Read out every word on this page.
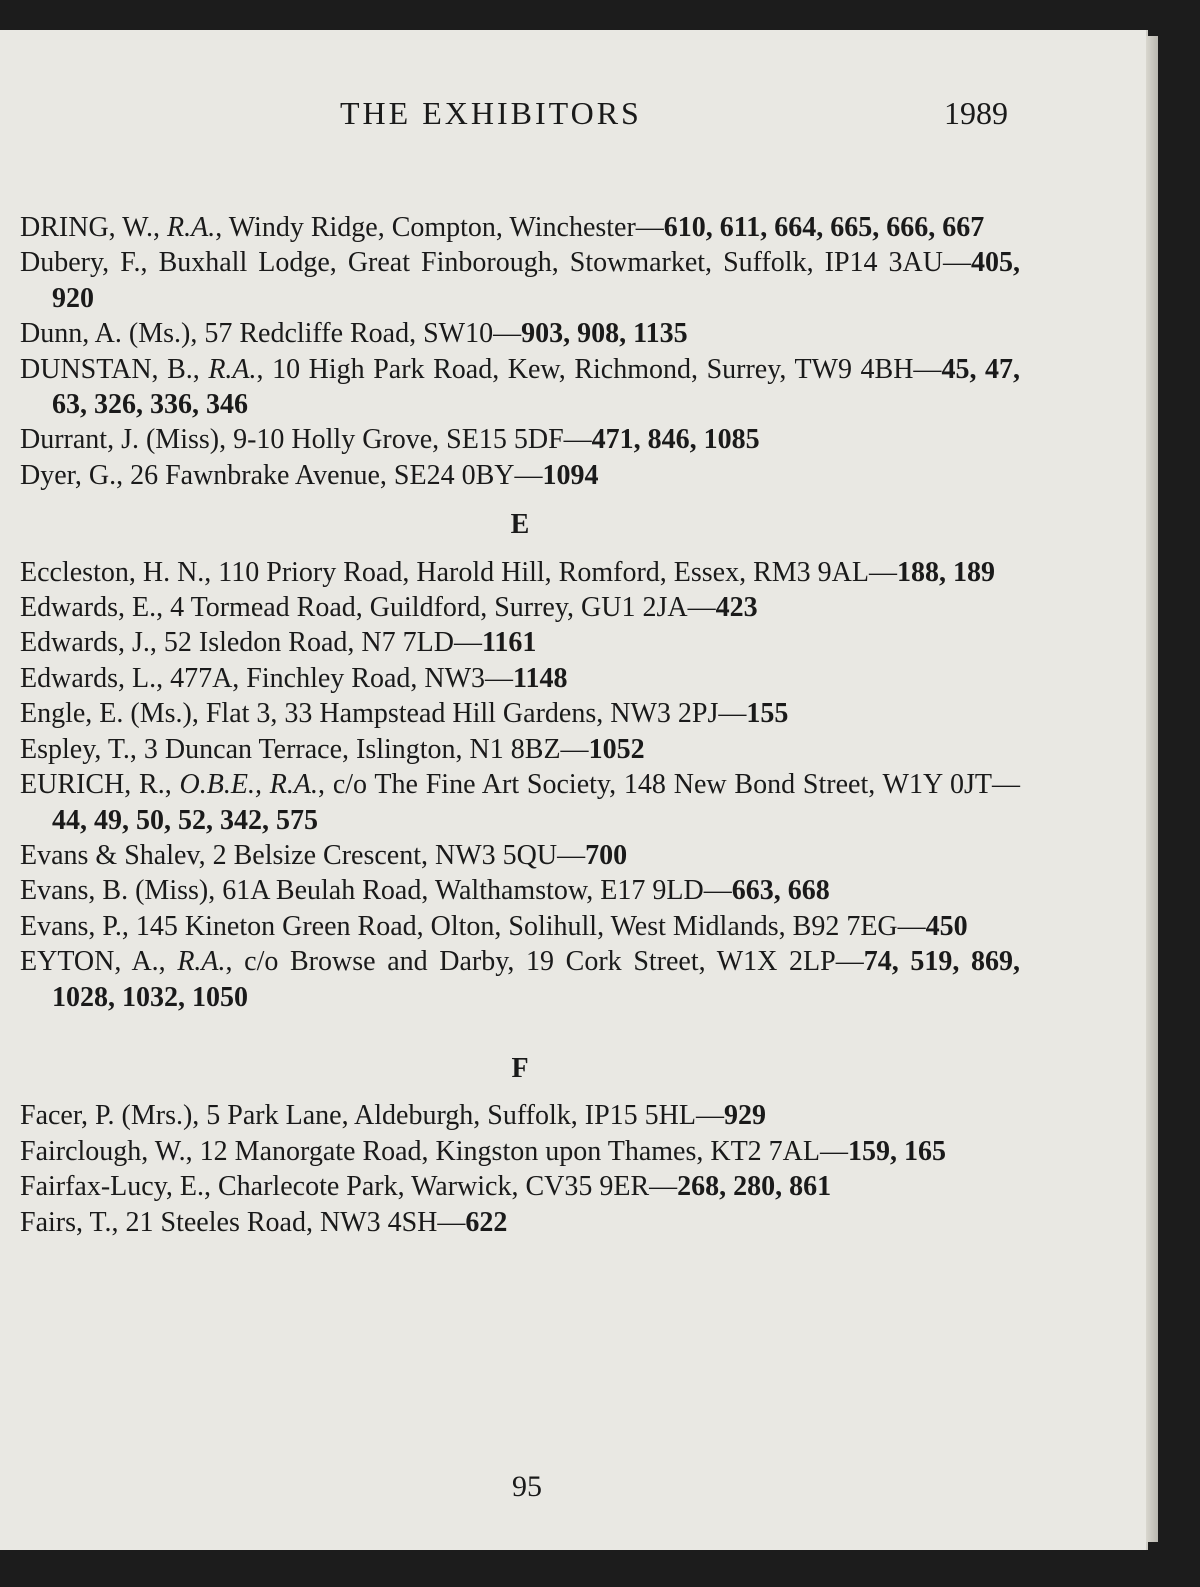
THE EXHIBITORS	1989
DRING, W., R.A., Windy Ridge, Compton, Winchester—610, 611, 664, 665, 666, 667
Dubery, F., Buxhall Lodge, Great Finborough, Stowmarket, Suffolk, IP14 3AU—405, 920
Dunn, A. (Ms.), 57 Redcliffe Road, SW10—903, 908, 1135
DUNSTAN, B., R.A., 10 High Park Road, Kew, Richmond, Surrey, TW9 4BH—45, 47, 63, 326, 336, 346
Durrant, J. (Miss), 9-10 Holly Grove, SE15 5DF—471, 846, 1085
Dyer, G., 26 Fawnbrake Avenue, SE24 0BY—1094
E
Eccleston, H. N., 110 Priory Road, Harold Hill, Romford, Essex, RM3 9AL—188, 189
Edwards, E., 4 Tormead Road, Guildford, Surrey, GU1 2JA—423
Edwards, J., 52 Isledon Road, N7 7LD—1161
Edwards, L., 477A, Finchley Road, NW3—1148
Engle, E. (Ms.), Flat 3, 33 Hampstead Hill Gardens, NW3 2PJ—155
Espley, T., 3 Duncan Terrace, Islington, N1 8BZ—1052
EURICH, R., O.B.E., R.A., c/o The Fine Art Society, 148 New Bond Street, W1Y 0JT—44, 49, 50, 52, 342, 575
Evans & Shalev, 2 Belsize Crescent, NW3 5QU—700
Evans, B. (Miss), 61A Beulah Road, Walthamstow, E17 9LD—663, 668
Evans, P., 145 Kineton Green Road, Olton, Solihull, West Midlands, B92 7EG—450
EYTON, A., R.A., c/o Browse and Darby, 19 Cork Street, W1X 2LP—74, 519, 869, 1028, 1032, 1050
F
Facer, P. (Mrs.), 5 Park Lane, Aldeburgh, Suffolk, IP15 5HL—929
Fairclough, W., 12 Manorgate Road, Kingston upon Thames, KT2 7AL—159, 165
Fairfax-Lucy, E., Charlecote Park, Warwick, CV35 9ER—268, 280, 861
Fairs, T., 21 Steeles Road, NW3 4SH—622
95
